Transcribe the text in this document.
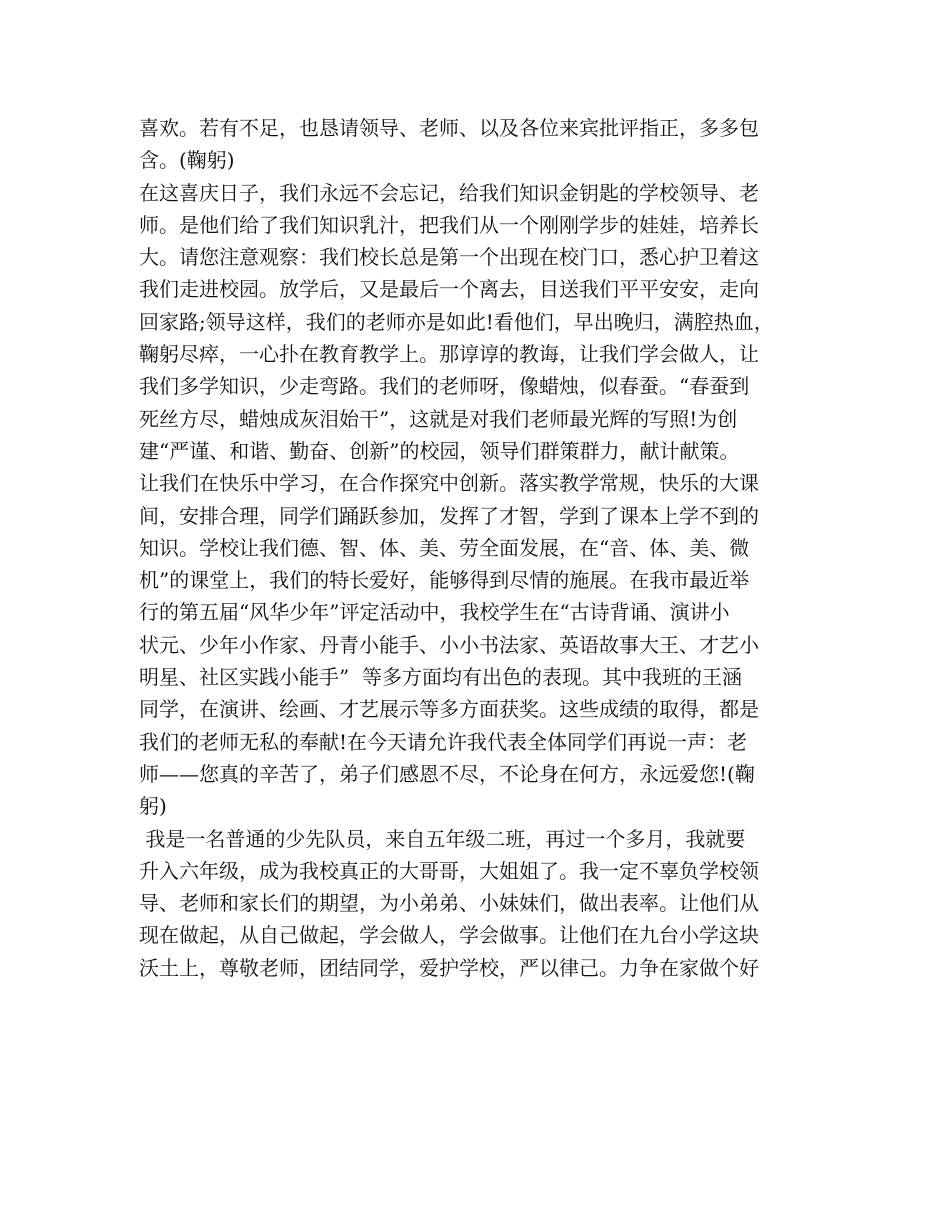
喜欢。若有不足，也恳请领导、老师、以及各位来宾批评指正，多多包
含。(鞠躬)
在这喜庆日子，我们永远不会忘记，给我们知识金钥匙的学校领导、老
师。是他们给了我们知识乳汁，把我们从一个刚刚学步的娃娃，培养长
大。请您注意观察：我们校长总是第一个出现在校门口，悉心护卫着这
我们走进校园。放学后，又是最后一个离去，目送我们平平安安，走向
回家路;领导这样，我们的老师亦是如此!看他们，早出晚归，满腔热血，
鞠躬尽瘁，一心扑在教育教学上。那谆谆的教诲，让我们学会做人，让
我们多学知识，少走弯路。我们的老师呀，像蜡烛，似春蚕。“春蚕到
死丝方尽，蜡烛成灰泪始干”，这就是对我们老师最光辉的写照!为创
建“严谨、和谐、勤奋、创新”的校园，领导们群策群力，献计献策。
让我们在快乐中学习，在合作探究中创新。落实教学常规，快乐的大课
间，安排合理，同学们踊跃参加，发挥了才智，学到了课本上学不到的
知识。学校让我们德、智、体、美、劳全面发展，在“音、体、美、微
机”的课堂上，我们的特长爱好，能够得到尽情的施展。在我市最近举
行的第五届“风华少年”评定活动中，我校学生在“古诗背诵、演讲小
状元、少年小作家、丹青小能手、小小书法家、英语故事大王、才艺小
明星、社区实践小能手”  等多方面均有出色的表现。其中我班的王涵
同学，在演讲、绘画、才艺展示等多方面获奖。这些成绩的取得，都是
我们的老师无私的奉献!在今天请允许我代表全体同学们再说一声：老
师——您真的辛苦了，弟子们感恩不尽，不论身在何方，永远爱您!(鞠
躬)
我是一名普通的少先队员，来自五年级二班，再过一个多月，我就要
升入六年级，成为我校真正的大哥哥，大姐姐了。我一定不辜负学校领
导、老师和家长们的期望，为小弟弟、小妹妹们，做出表率。让他们从
现在做起，从自己做起，学会做人，学会做事。让他们在九台小学这块
沃土上，尊敬老师，团结同学，爱护学校，严以律己。力争在家做个好
